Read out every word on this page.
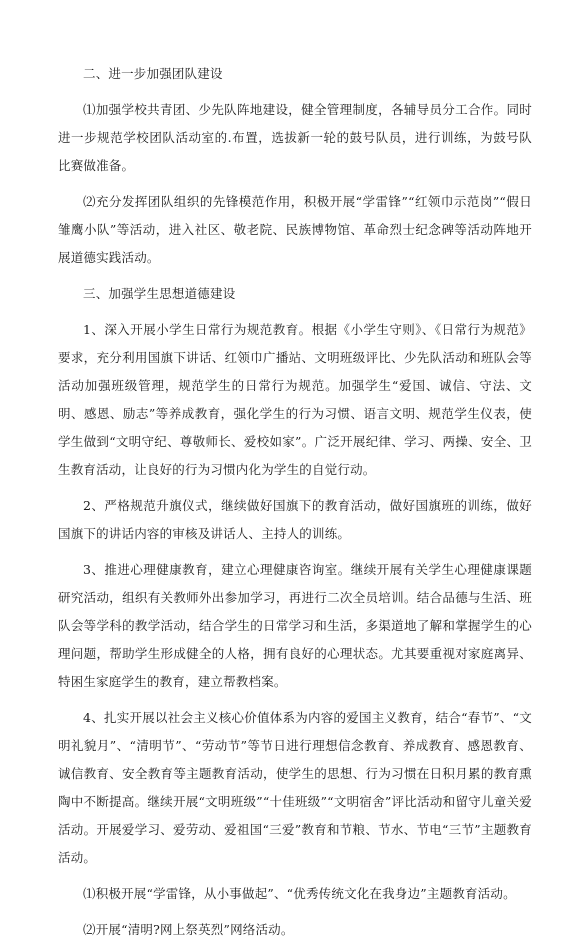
二、进一步加强团队建设

⑴加强学校共青团、少先队阵地建设，健全管理制度，各辅导员分工合作。同时进一步规范学校团队活动室的.布置，选拔新一轮的鼓号队员，进行训练，为鼓号队比赛做准备。

⑵充分发挥团队组织的先锋模范作用，积极开展“学雷锋”“红领巾示范岗”“假日雏鹰小队”等活动，进入社区、敬老院、民族博物馆、革命烈士纪念碑等活动阵地开展道德实践活动。

三、加强学生思想道德建设

1、深入开展小学生日常行为规范教育。根据《小学生守则》、《日常行为规范》要求，充分利用国旗下讲话、红领巾广播站、文明班级评比、少先队活动和班队会等活动加强班级管理，规范学生的日常行为规范。加强学生“爱国、诚信、守法、文明、感恩、励志”等养成教育，强化学生的行为习惯、语言文明、规范学生仪表，使学生做到“文明守纪、尊敬师长、爱校如家”。广泛开展纪律、学习、两操、安全、卫生教育活动，让良好的行为习惯内化为学生的自觉行动。

2、严格规范升旗仪式，继续做好国旗下的教育活动，做好国旗班的训练，做好国旗下的讲话内容的审核及讲话人、主持人的训练。

3、推进心理健康教育，建立心理健康咨询室。继续开展有关学生心理健康课题研究活动，组织有关教师外出参加学习，再进行二次全员培训。结合品德与生活、班队会等学科的教学活动，结合学生的日常学习和生活，多渠道地了解和掌握学生的心理问题，帮助学生形成健全的人格，拥有良好的心理状态。尤其要重视对家庭离异、特困生家庭学生的教育，建立帮教档案。

4、扎实开展以社会主义核心价值体系为内容的爱国主义教育，结合“春节”、“文明礼貌月”、“清明节”、“劳动节”等节日进行理想信念教育、养成教育、感恩教育、诚信教育、安全教育等主题教育活动，使学生的思想、行为习惯在日积月累的教育熏陶中不断提高。继续开展“文明班级”“十佳班级”“文明宿舍”评比活动和留守儿童关爱活动。开展爱学习、爱劳动、爱祖国“三爱”教育和节粮、节水、节电“三节”主题教育活动。

⑴积极开展“学雷锋，从小事做起”、“优秀传统文化在我身边”主题教育活动。

⑵开展“清明?网上祭英烈”网络活动。
